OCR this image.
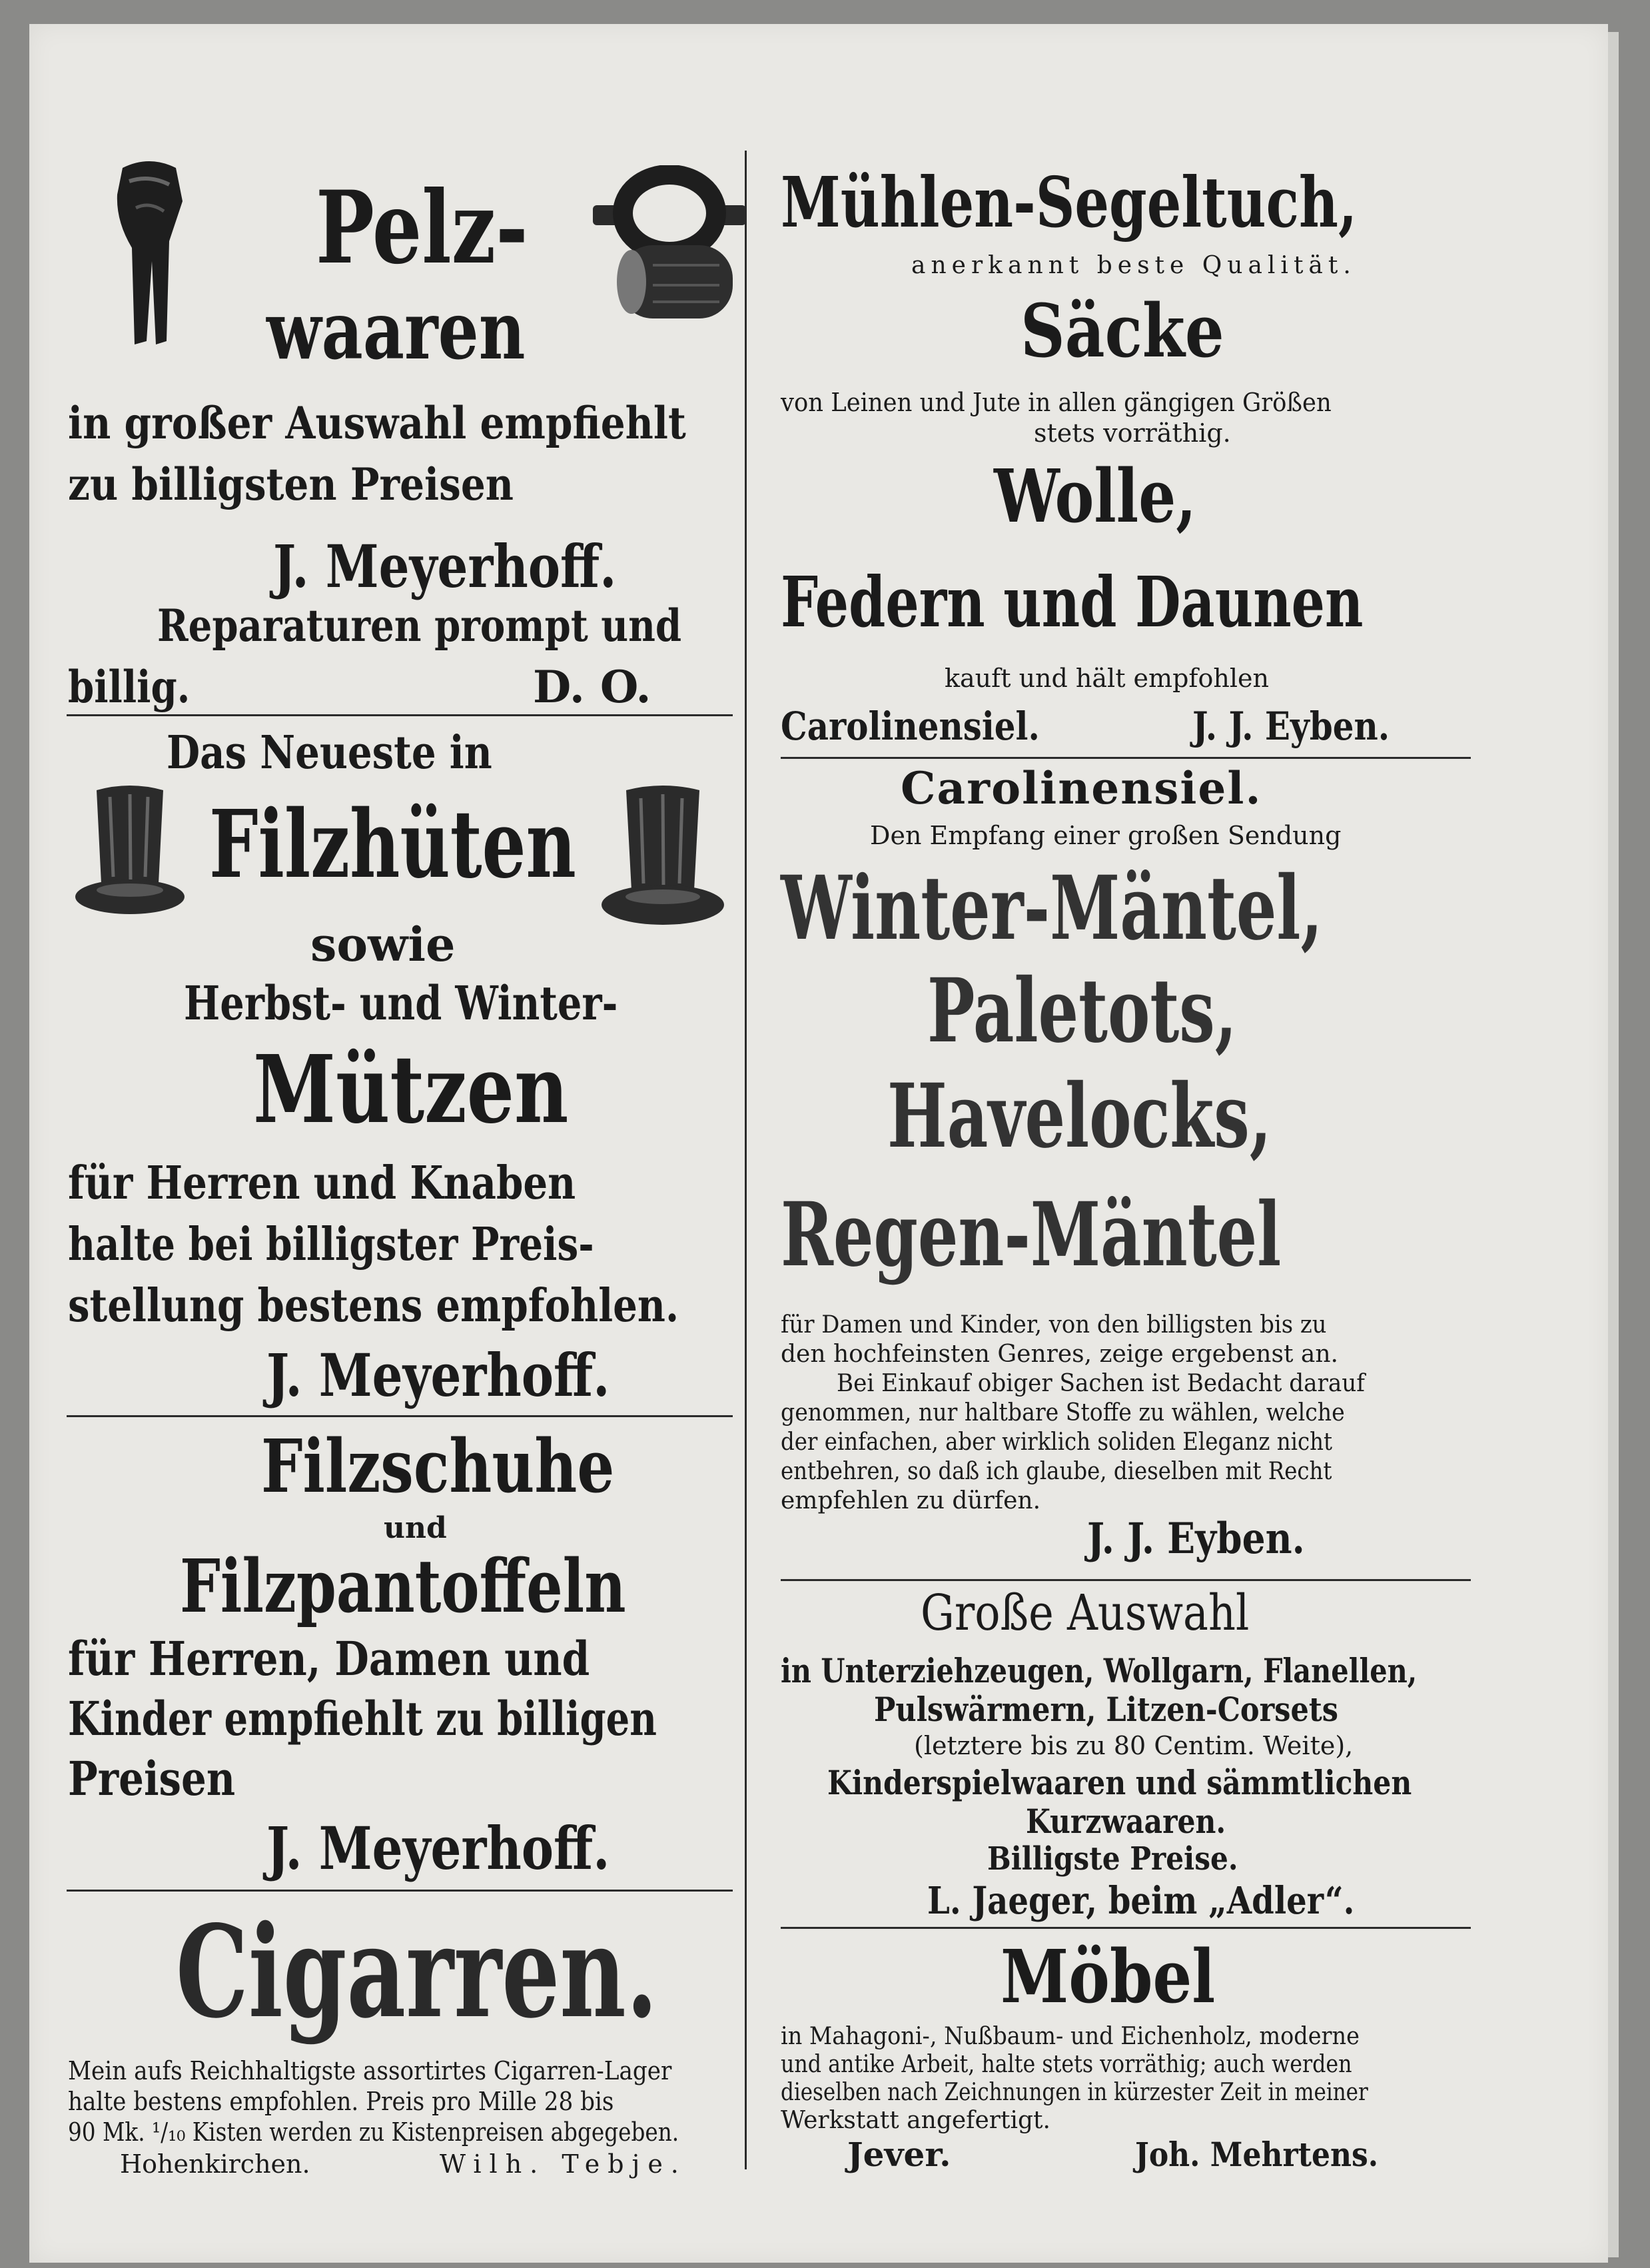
Pelz-
waaren
in großer Auswahl empfiehlt
zu billigsten Preisen
J. Meyerhoff.
Reparaturen prompt und
billig.	D. O.
Das Neueste in
Filzhüten
sowie
Herbst- und Winter-
Mützen
für Herren und Knaben
halte bei billigster Preis-
stellung bestens empfohlen.
J. Meyerhoff.
Filzschuhe
und
Filzpantoffeln
für Herren, Damen und
Kinder empfiehlt zu billigen
Preisen
J. Meyerhoff.
Cigarren.
Mein aufs Reichhaltigste assortirtes Cigarren-Lager
halte bestens empfohlen. Preis pro Mille 28 bis
90 Mk. ¹/₁₀ Kisten werden zu Kistenpreisen abgegeben.
Hohenkirchen.	Wilh. Tebje.
Mühlen-Segeltuch,
anerkannt beste Qualität.
Säcke
von Leinen und Jute in allen gängigen Größen
stets vorräthig.
Wolle,
Federn und Daunen
kauft und hält empfohlen
Carolinensiel.	J. J. Eyben.
Carolinensiel.
Den Empfang einer großen Sendung
Winter-Mäntel,
Paletots,
Havelocks,
Regen-Mäntel
für Damen und Kinder, von den billigsten bis zu
den hochfeinsten Genres, zeige ergebenst an.
Bei Einkauf obiger Sachen ist Bedacht darauf
genommen, nur haltbare Stoffe zu wählen, welche
der einfachen, aber wirklich soliden Eleganz nicht
entbehren, so daß ich glaube, dieselben mit Recht
empfehlen zu dürfen.
J. J. Eyben.
Große Auswahl
in Unterziehzeugen, Wollgarn, Flanellen,
Pulswärmern, Litzen-Corsets
(letztere bis zu 80 Centim. Weite),
Kinderspielwaaren und sämmtlichen
Kurzwaaren.
Billigste Preise.
L. Jaeger, beim „Adler“.
Möbel
in Mahagoni-, Nußbaum- und Eichenholz, moderne
und antike Arbeit, halte stets vorräthig; auch werden
dieselben nach Zeichnungen in kürzester Zeit in meiner
Werkstatt angefertigt.
Jever.	Joh. Mehrtens.
